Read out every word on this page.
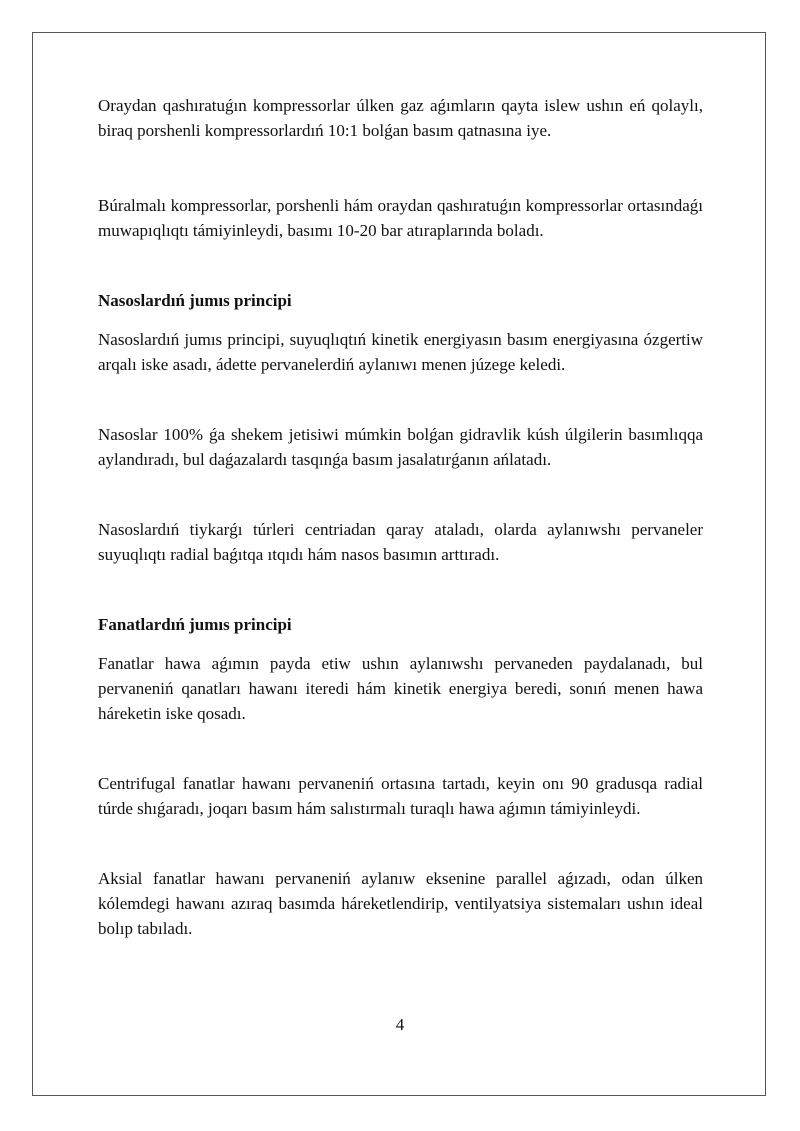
Oraydan qashıratuǵın kompressorlar úlken gaz aǵımların qayta islew ushın eń qolaylı, biraq porshenli kompressorlardıń 10:1 bolǵan basım qatnasına iye.

Búralmalı kompressorlar, porshenli hám oraydan qashıratuǵın kompressorlar ortasındaǵı muwapıqlıqtı támiyinleydi, basımı 10-20 bar atıraplarında boladı.

Nasoslardıń jumıs principi

Nasoslardıń jumıs principi, suyuqlıqtıń kinetik energiyasın basım energiyasına ózgertiw arqalı iske asadı, ádette pervanelerdiń aylanıwı menen júzege keledi.

Nasoslar 100% ǵa shekem jetisiwi múmkin bolǵan gidravlik kúsh úlgilerin basımlıqqa aylandıradı, bul daǵazalardı tasqınǵa basım jasalatırǵanın ańlatadı.

Nasoslardıń tiykarǵı túrleri centriadan qaray ataladı, olarda aylanıwshı pervaneler suyuqlıqtı radial baǵıtqa ıtqıdı hám nasos basımın arttıradı.

Fanatlardıń jumıs principi

Fanatlar hawa aǵımın payda etiw ushın aylanıwshı pervaneden paydalanadı, bul pervaneniń qanatları hawanı iteredi hám kinetik energiya beredi, sonıń menen hawa háreketin iske qosadı.

Centrifugal fanatlar hawanı pervaneniń ortasına tartadı, keyin onı 90 gradusqa radial túrde shıǵaradı, joqarı basım hám salıstırmalı turaqlı hawa aǵımın támiyinleydi.

Aksial fanatlar hawanı pervaneniń aylanıw eksenine parallel aǵızadı, odan úlken kólemdegi hawanı azıraq basımda háreketlendirip, ventilyatsiya sistemaları ushın ideal bolıp tabıladı.

4
